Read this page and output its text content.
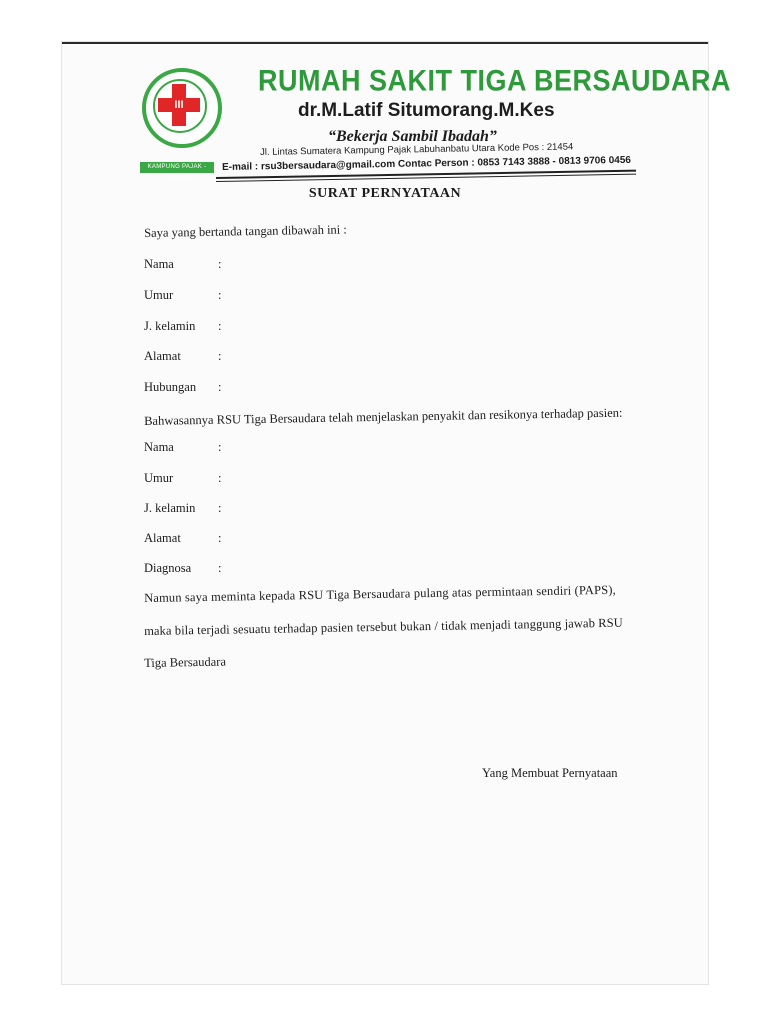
III
KAMPUNG PAJAK - LABURA
RUMAH SAKIT TIGA BERSAUDARA
dr.M.Latif Situmorang.M.Kes
“Bekerja Sambil Ibadah”
Jl. Lintas Sumatera Kampung Pajak Labuhanbatu Utara Kode Pos : 21454
E-mail : rsu3bersaudara@gmail.com Contac Person : 0853 7143 3888 - 0813 9706 0456
SURAT PERNYATAAN
Saya yang bertanda tangan dibawah ini :
Nama	:
Umur	:
J. kelamin :
Alamat	:
Hubungan :
Bahwasannya RSU Tiga Bersaudara telah menjelaskan penyakit dan resikonya terhadap pasien:
Nama	:
Umur	:
J. kelamin :
Alamat	:
Diagnosa :
Namun saya meminta kepada RSU Tiga Bersaudara pulang atas permintaan sendiri (PAPS),
maka bila terjadi sesuatu terhadap pasien tersebut bukan / tidak menjadi tanggung jawab RSU
Tiga Bersaudara
Yang Membuat Pernyataan
